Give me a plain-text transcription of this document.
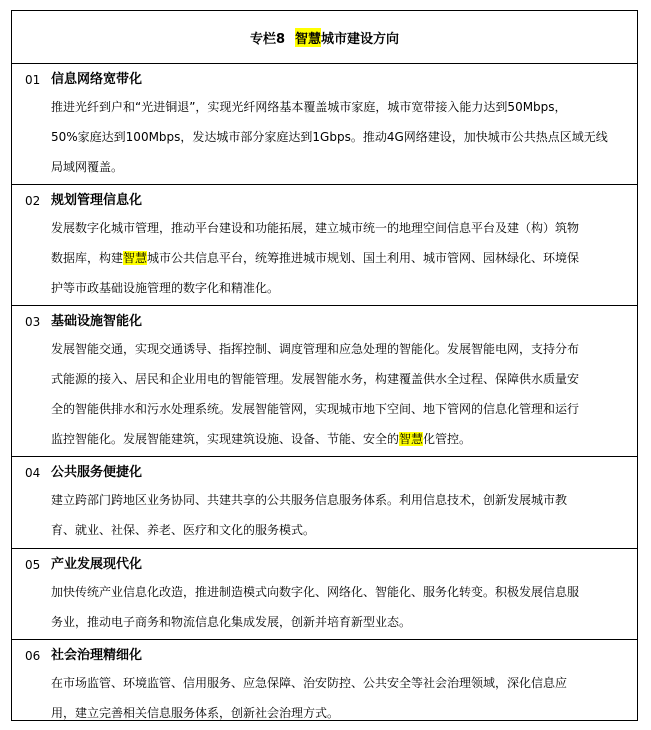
专栏8 智慧 城市建设方向
01 信息网络宽带化
推进光纤到户和“光进铜退”，实现光纤网络基本覆盖城市家庭，城市宽带接入能力达到50Mbps，
50%家庭达到100Mbps，发达城市部分家庭达到1Gbps。推动4G网络建设，加快城市公共热点区域无线
局域网覆盖。
02 规划管理信息化
发展数字化城市管理，推动平台建设和功能拓展，建立城市统一的地理空间信息平台及建（构）筑物
数据库，构建智慧城市公共信息平台，统筹推进城市规划、国土利用、城市管网、园林绿化、环境保
护等市政基础设施管理的数字化和精准化。
03 基础设施智能化
发展智能交通，实现交通诱导、指挥控制、调度管理和应急处理的智能化。发展智能电网，支持分布
式能源的接入、居民和企业用电的智能管理。发展智能水务，构建覆盖供水全过程、保障供水质量安
全的智能供排水和污水处理系统。发展智能管网，实现城市地下空间、地下管网的信息化管理和运行
监控智能化。发展智能建筑，实现建筑设施、设备、节能、安全的智慧化管控。
04 公共服务便捷化
建立跨部门跨地区业务协同、共建共享的公共服务信息服务体系。利用信息技术，创新发展城市教
育、就业、社保、养老、医疗和文化的服务模式。
05 产业发展现代化
加快传统产业信息化改造，推进制造模式向数字化、网络化、智能化、服务化转变。积极发展信息服
务业，推动电子商务和物流信息化集成发展，创新并培育新型业态。
06 社会治理精细化
在市场监管、环境监管、信用服务、应急保障、治安防控、公共安全等社会治理领域，深化信息应
用，建立完善相关信息服务体系，创新社会治理方式。
